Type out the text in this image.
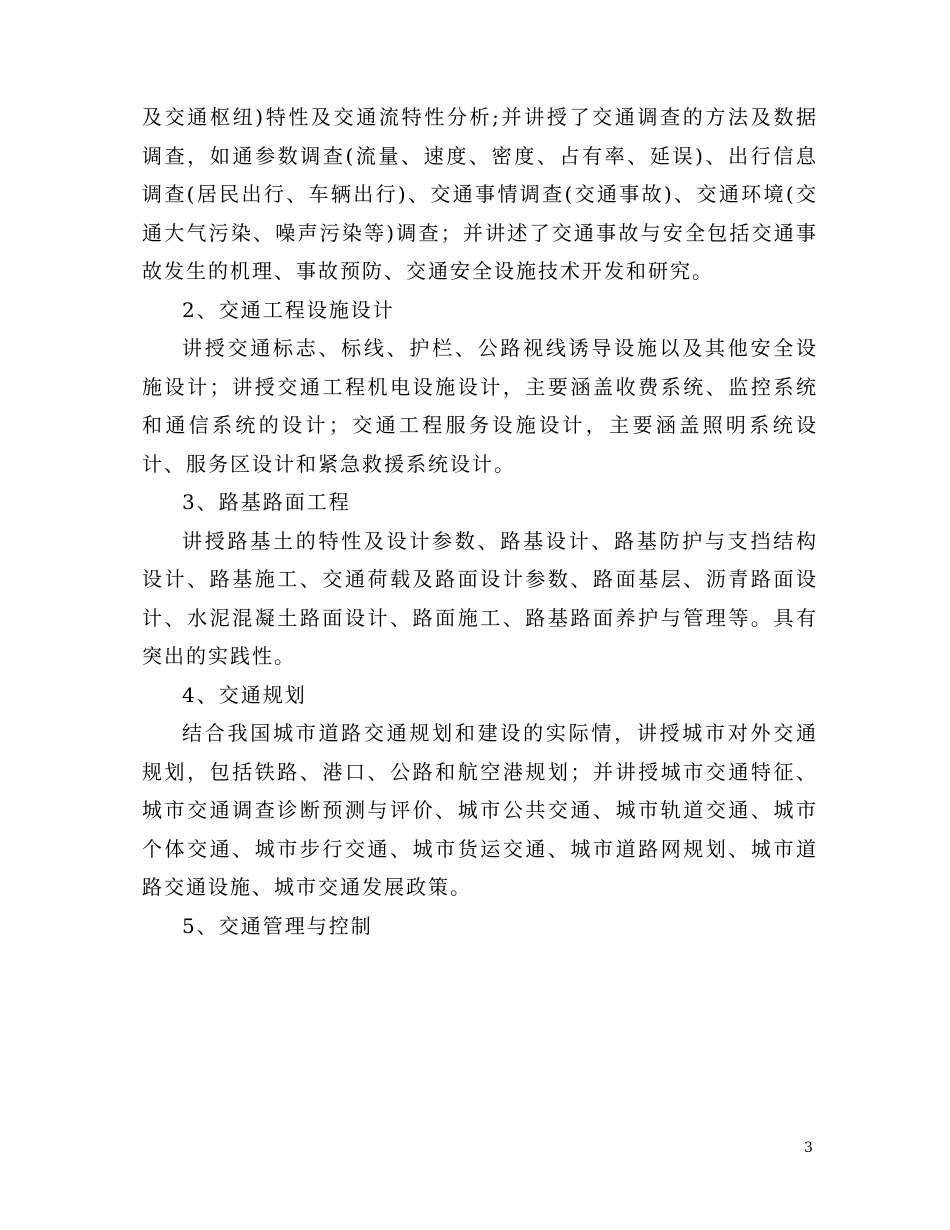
及交通枢纽)特性及交通流特性分析;并讲授了交通调查的方法及数据调查，如通参数调查(流量、速度、密度、占有率、延误)、出行信息调查(居民出行、车辆出行)、交通事情调查(交通事故)、交通环境(交通大气污染、噪声污染等)调查；并讲述了交通事故与安全包括交通事故发生的机理、事故预防、交通安全设施技术开发和研究。

2、交通工程设施设计

讲授交通标志、标线、护栏、公路视线诱导设施以及其他安全设施设计；讲授交通工程机电设施设计，主要涵盖收费系统、监控系统和通信系统的设计；交通工程服务设施设计，主要涵盖照明系统设计、服务区设计和紧急救援系统设计。

3、路基路面工程

讲授路基土的特性及设计参数、路基设计、路基防护与支挡结构设计、路基施工、交通荷载及路面设计参数、路面基层、沥青路面设计、水泥混凝土路面设计、路面施工、路基路面养护与管理等。具有突出的实践性。

4、交通规划

结合我国城市道路交通规划和建设的实际情，讲授城市对外交通规划，包括铁路、港口、公路和航空港规划；并讲授城市交通特征、城市交通调查诊断预测与评价、城市公共交通、城市轨道交通、城市个体交通、城市步行交通、城市货运交通、城市道路网规划、城市道路交通设施、城市交通发展政策。

5、交通管理与控制

3
